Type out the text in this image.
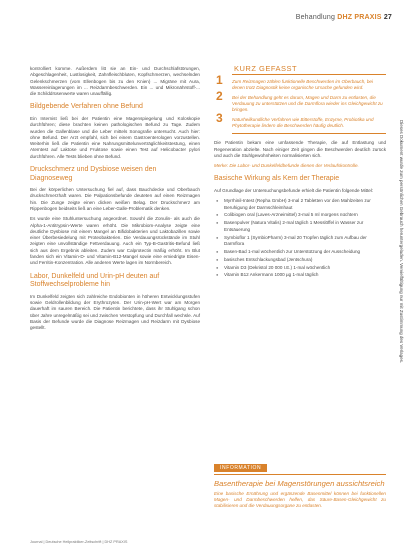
Behandlung DHZ PRAXIS 27

kontrolliert komme. Außerdem litt sie an Ein- und Durchschlafstörungen, Abgeschlagenheit, Lustlosigkeit, Zahnfleischbluten, Kopfschmerzen, wechselnden Gelenkschmerzen (vom Ellenbogen bis zu den Knien) ... Migräne mit Aura, Wassereinlagerungen im ... Reizdarmbeschwerden. Ein ... und Mikronährstoff-... die Schilddrüsenwerte waren unauffällig.

Bildgebende Verfahren ohne Befund

Ein Internist ließ bei der Patientin eine Magenspiegelung und Koloskopie durchführen; diese brachten keinen pathologischen Befund zu Tage. Zudem wurden die Gallenblase und die Leber mittels Sonografie untersucht. Auch hier: ohne Befund. Der Arzt empfahl, sich bei einem Gastroenterologen vorzustellen. Weiterhin ließ die Patientin eine Nahrungsmittelunverträglichkeitstestung, einen Atemtest auf Laktose und Fruktose sowie einen Test auf Helicobacter pylori durchführen. Alle Tests blieben ohne Befund.

Druckschmerz und Dysbiose weisen den Diagnoseweg

Bei der körperlichen Untersuchung fiel auf, dass Bauchdecke und Oberbauch druckschmerzhaft waren. Die Palpationsbefunde deuteten auf einen Reizmagen hin. Die Zunge zeigte einen dicken weißen Belag. Der Druckschmerz am Rippenbogen beidseits ließ an eine Leber-Galle-Problematik denken.

Es wurde eine Stuhluntersuchung angeordnet. Sowohl die Zonulin- als auch die Alpha-1-Antitrypsin-Werte waren erhöht. Die Mikrobiom-Analyse zeigte eine deutliche Dysbiose mit einem Mangel an Bifidobakterien und Laktobazillen sowie einer Überbesiedelung mit Proteobakterien. Die Verdauungsrückstände im Stuhl zeigten eine unvollständige Fettverdauung. Auch ein Typ-B-Gastritis-Befund ließ sich aus dem Ergebnis ableiten. Zudem war Calprotectin mäßig erhöht. Im Blut fanden sich ein Vitamin-D- und Vitamin-B12-Mangel sowie eine erniedrigte Eisen- und Ferritin-Konzentration. Alle anderen Werte lagen im Normbereich.

Labor, Dunkelfeld und Urin-pH deuten auf Stoffwechselprobleme hin

Im Dunkelfeld zeigten sich zahlreiche Endobionten in höheren Entwicklungsstufen sowie Geldrollenbildung der Erythrozyten. Der Urin-pH-Wert war am Morgen dauerhaft im sauren Bereich. Die Patientin berichtete, dass ihr Stuhlgang schon über Jahre unregelmäßig sei und zwischen Verstopfung und Durchfall wechsle. Auf Basis der Befunde wurde die Diagnose Reizmagen und Reizdarm mit Dysbiose gestellt.

KURZ GEFASST
1 Zum Reizmagen zählen funktionelle Beschwerden im Oberbauch, bei denen trotz Diagnostik keine organische Ursache gefunden wird.
2 Bei der Behandlung geht es darum, Magen und Darm zu entlasten, die Verdauung zu unterstützen und die Darmflora wieder ins Gleichgewicht zu bringen.
3 Naturheilkundliche Verfahren wie Bitterstoffe, Enzyme, Probiotika und Phytotherapie lindern die Beschwerden häufig deutlich.

Die Patientin bekam eine umfassende Therapie, die auf Entlastung und Regeneration abzielte. Nach einiger Zeit gingen die Beschwerden deutlich zurück und auch die Stuhlgewohnheiten normalisierten sich.

Merke: Die Labor- und Dunkelfeldbefunde dienen der Verlaufskontrolle.

Basische Wirkung als Kern der Therapie

Auf Grundlage der Untersuchungsbefunde erhielt die Patientin folgende Mittel:

● Myrrhinil-Intest (Repha GmbH) 3-mal 2 Tabletten vor den Mahlzeiten zur Beruhigung der Darmschleimhaut
● Colibiogen oral (Laves-Arzneimittel) 3-mal 5 ml morgens nüchtern
● Basenpulver (Natura Vitalis) 2-mal täglich 1 Messlöffel in Wasser zur Entsäuerung
● Symbioflor 1 (SymbioPharm) 3-mal 20 Tropfen täglich zum Aufbau der Darmflora
● Basen-Bad 1-mal wöchentlich zur Unterstützung der Ausscheidung
● basisches Entschlackungsbad (Jentschura)
● Vitamin D3 (Dekristol 20 000 I.E.) 1-mal wöchentlich
● Vitamin B12 Ankermann 1000 µg 1-mal täglich
INFORMATION
Basentherapie bei Magenstörungen aussichtsreich
Eine basische Ernährung und ergänzende Basenmittel können bei funktionellen Magen- und Darmbeschwerden helfen, das Säure-Basen-Gleichgewicht zu stabilisieren und die Verdauungsorgane zu entlasten.
Dieses Dokument wurde zum persönlichen Gebrauch heruntergeladen. Vervielfältigung nur mit Zustimmung des Verlages.
Journal | Deutsche Heilpraktiker-Zeitschrift | DHZ PRAXIS
